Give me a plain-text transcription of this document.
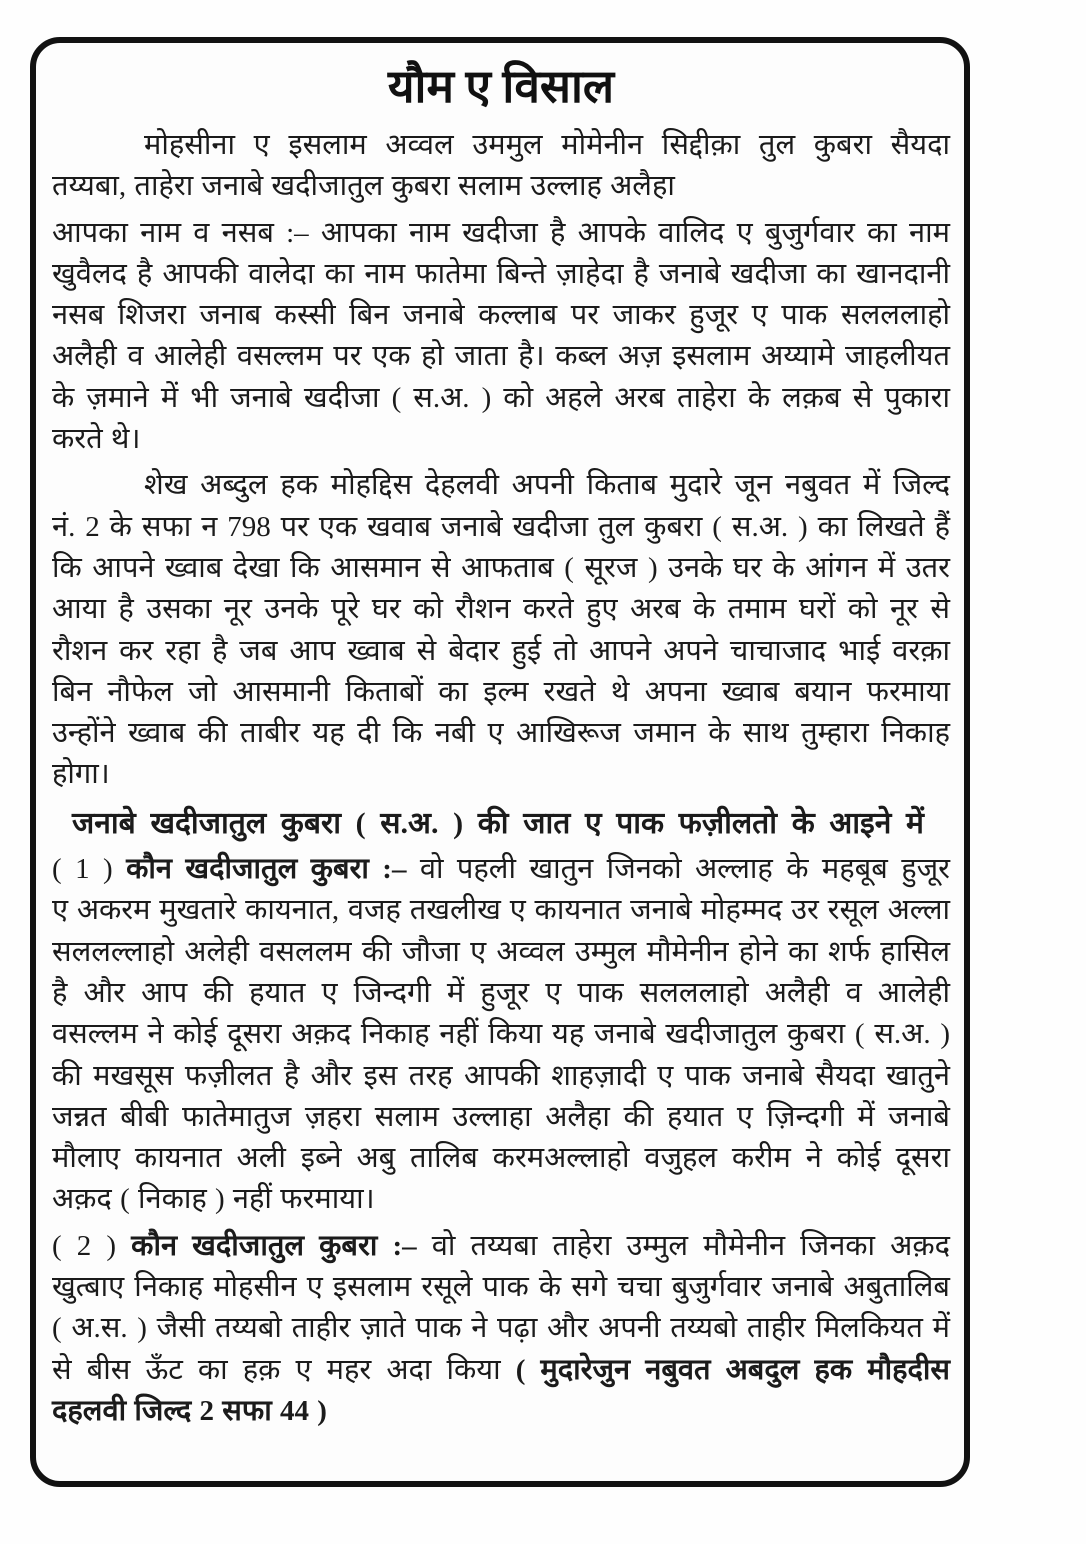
यौम ए विसाल
मोहसीना ए इसलाम अव्वल उममुल मोमेनीन सिद्दीक़ा तुल कुबरा सैयदा
तय्यबा, ताहेरा जनाबे खदीजातुल कुबरा सलाम उल्लाह अलैहा
आपका नाम व नसब :– आपका नाम खदीजा है आपके वालिद ए बुजुर्गवार का नाम
खुवैलद है आपकी वालेदा का नाम फातेमा बिन्ते ज़ाहेदा है जनाबे खदीजा का खानदानी
नसब शिजरा जनाब कस्सी बिन जनाबे कल्लाब पर जाकर हुजूर ए पाक सलललाहो
अलैही व आलेही वसल्लम पर एक हो जाता है। कब्ल अज़ इसलाम अय्यामे जाहलीयत
के ज़माने में भी जनाबे खदीजा ( स.अ. ) को अहले अरब ताहेरा के लक़ब से पुकारा
करते थे।
शेख अब्दुल हक मोहद्दिस देहलवी अपनी किताब मुदारे जून नबुवत में जिल्द
नं. 2 के सफा न 798 पर एक खवाब जनाबे खदीजा तुल कुबरा ( स.अ. ) का लिखते हैं
कि आपने ख्वाब देखा कि आसमान से आफताब ( सूरज ) उनके घर के आंगन में उतर
आया है उसका नूर उनके पूरे घर को रौशन करते हुए अरब के तमाम घरों को नूर से
रौशन कर रहा है जब आप ख्वाब से बेदार हुई तो आपने अपने चाचाजाद भाई वरक़ा
बिन नौफेल जो आसमानी किताबों का इल्म रखते थे अपना ख्वाब बयान फरमाया
उन्होंने ख्वाब की ताबीर यह दी कि नबी ए आखिरूज जमान के साथ तुम्हारा निकाह
होगा।
जनाबे खदीजातुल कुबरा ( स.अ. ) की जात ए पाक फज़ीलतो के आइने में
( 1 ) कौन खदीजातुल कुबरा :– वो पहली खातुन जिनको अल्लाह के महबूब हुजूर
ए अकरम मुखतारे कायनात, वजह तखलीख ए कायनात जनाबे मोहम्मद उर रसूल अल्ला
सललल्लाहो अलेही वसललम की जौजा ए अव्वल उम्मुल मौमेनीन होने का शर्फ हासिल
है और आप की हयात ए जिन्दगी में हुजूर ए पाक सलललाहो अलैही व आलेही
वसल्लम ने कोई दूसरा अक़द निकाह नहीं किया यह जनाबे खदीजातुल कुबरा ( स.अ. )
की मखसूस फज़ीलत है और इस तरह आपकी शाहज़ादी ए पाक जनाबे सैयदा खातुने
जन्नत बीबी फातेमातुज ज़हरा सलाम उल्लाहा अलैहा की हयात ए ज़िन्दगी में जनाबे
मौलाए कायनात अली इब्ने अबु तालिब करमअल्लाहो वजुहल करीम ने कोई दूसरा
अक़द ( निकाह ) नहीं फरमाया।
( 2 ) कौन खदीजातुल कुबरा :– वो तय्यबा ताहेरा उम्मुल मौमेनीन जिनका अक़द
खुत्बाए निकाह मोहसीन ए इसलाम रसूले पाक के सगे चचा बुजुर्गवार जनाबे अबुतालिब
( अ.स. ) जैसी तय्यबो ताहीर ज़ाते पाक ने पढ़ा और अपनी तय्यबो ताहीर मिलकियत में
से बीस ऊँट का हक़ ए महर अदा किया ( मुदारेजुन नबुवत अबदुल हक मौहदीस
दहलवी जिल्द 2 सफा 44 )
